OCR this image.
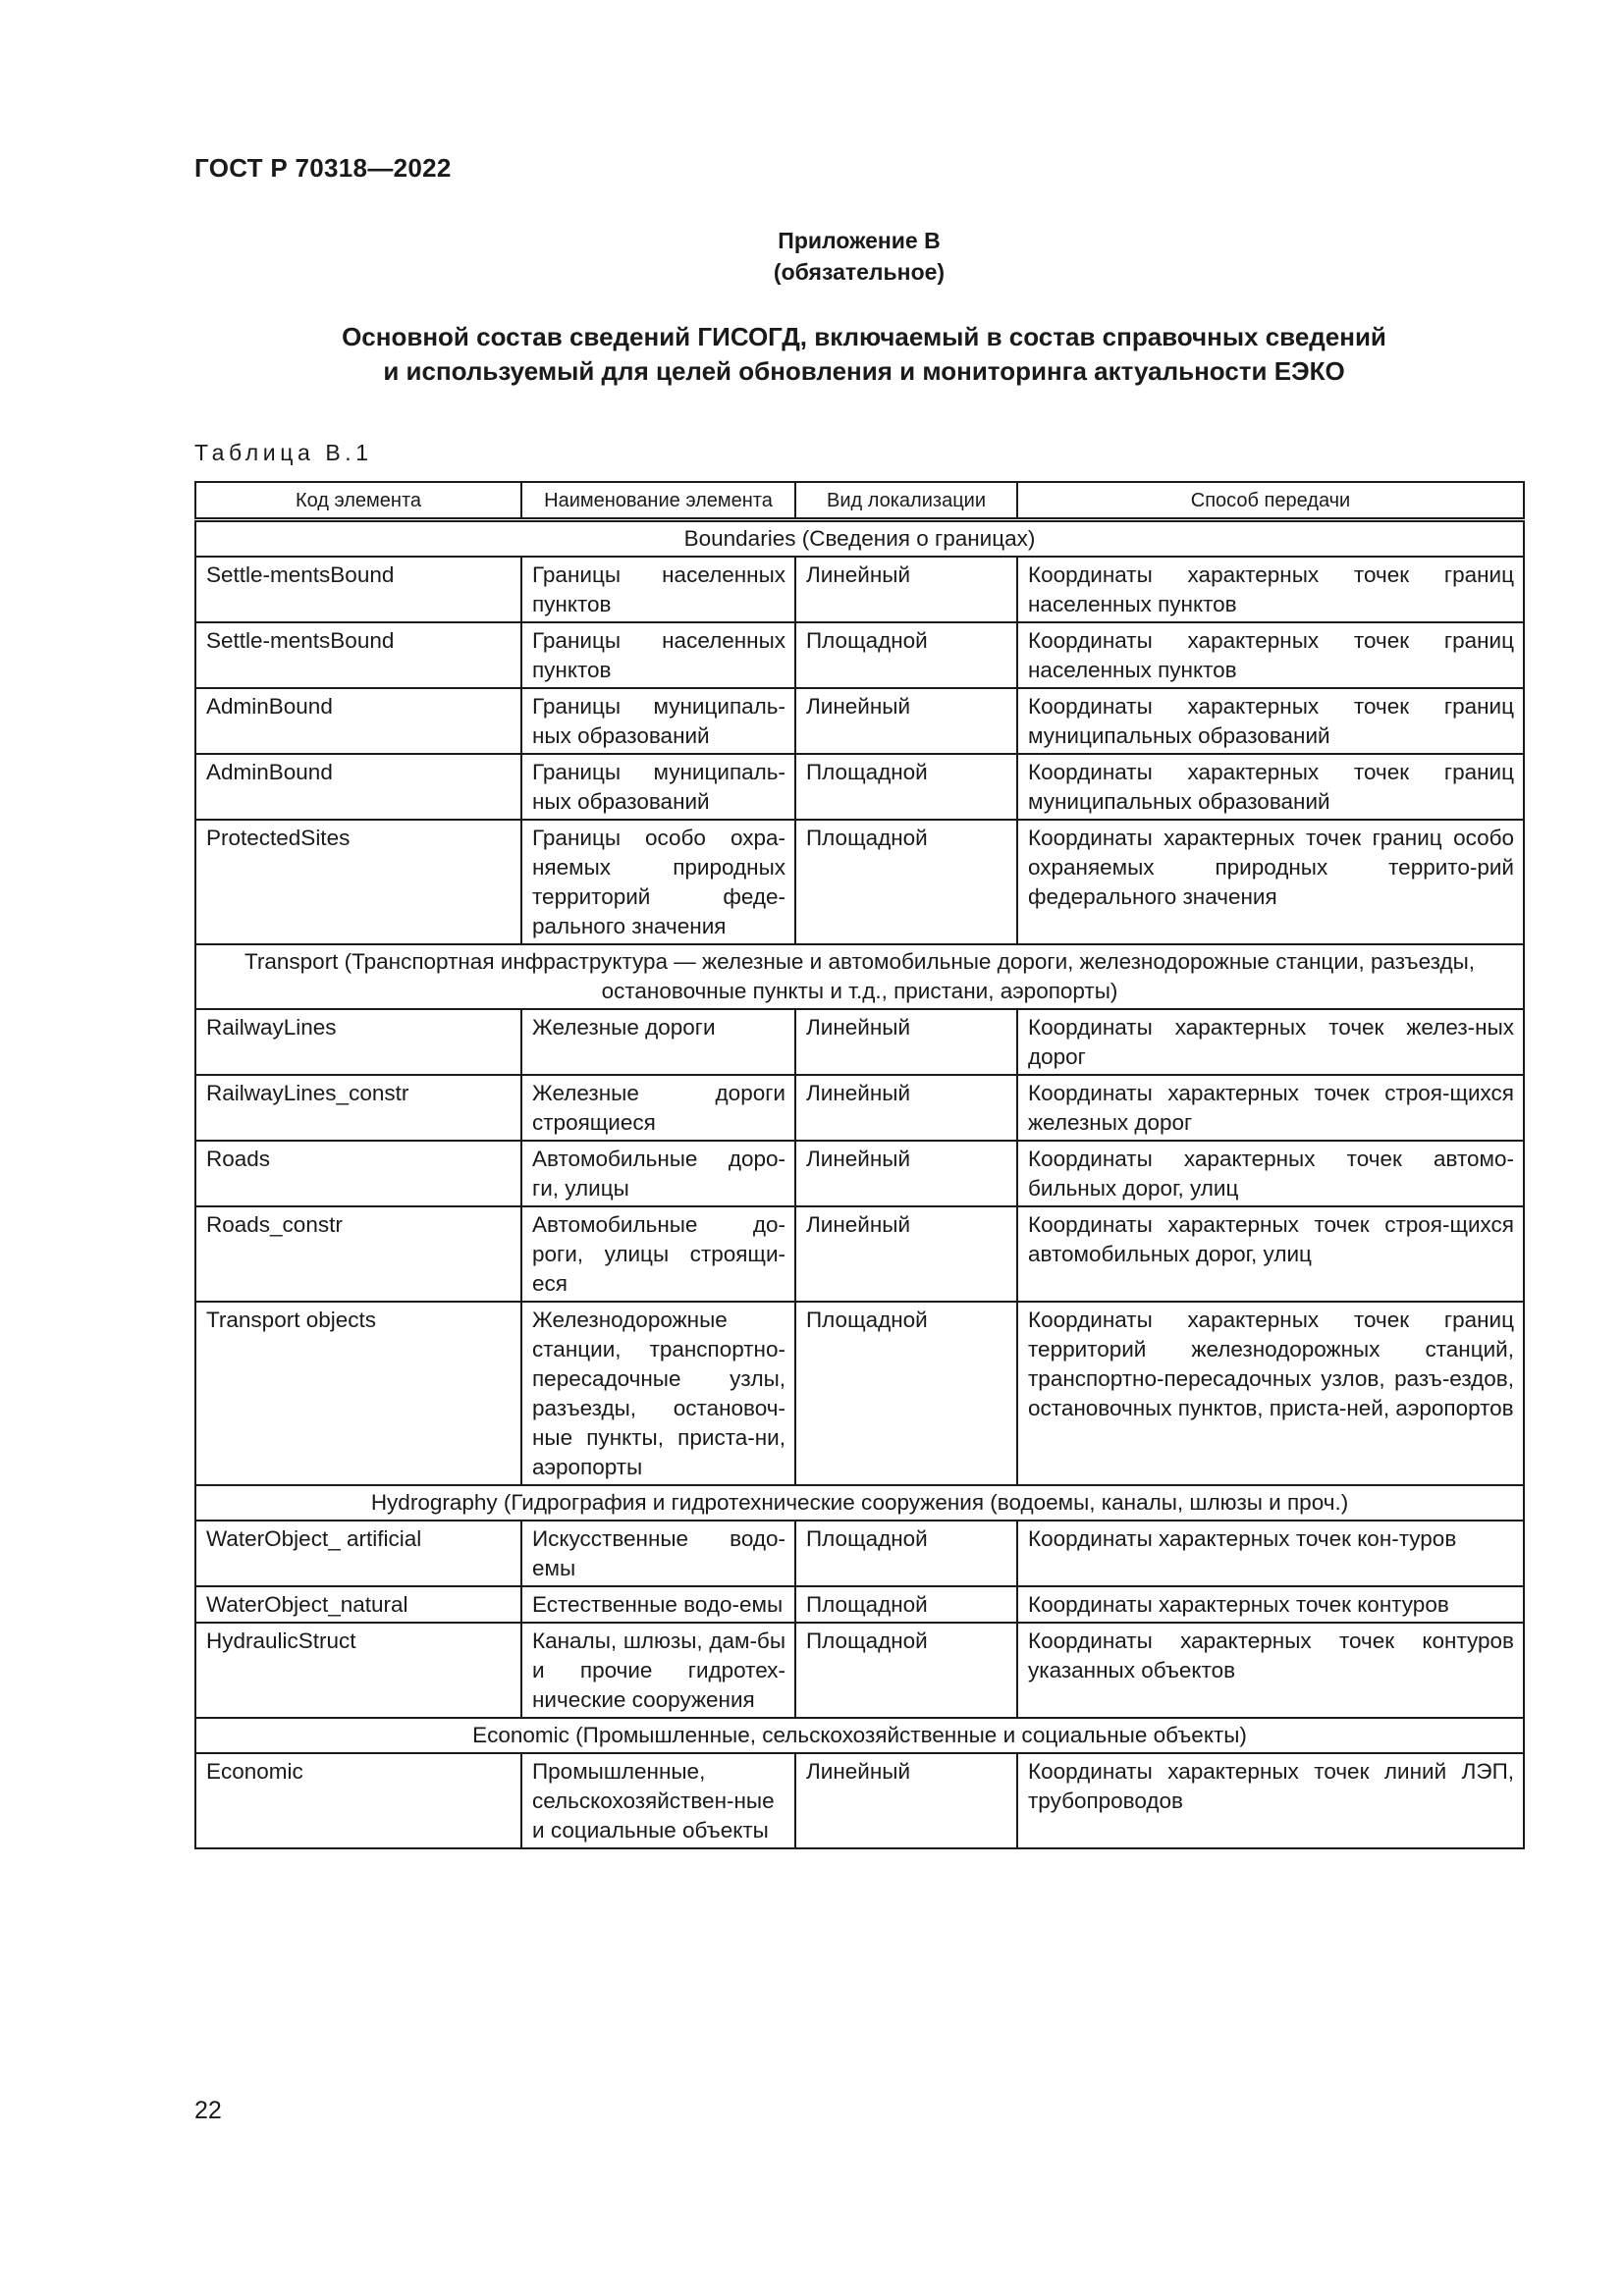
ГОСТ Р 70318—2022
Приложение В
(обязательное)
Основной состав сведений ГИСОГД, включаемый в состав справочных сведений
и используемый для целей обновления и мониторинга актуальности ЕЭКО
Таблица В.1
Код элемента	Наименование элемента	Вид локализации	Способ передачи
Boundaries (Сведения о границах)			
Settle-mentsBound	Границы населенных пунктов	Линейный	Координаты характерных точек границ населенных пунктов
Settle-mentsBound	Границы населенных пунктов	Площадной	Координаты характерных точек границ населенных пунктов
AdminBound	Границы муниципаль-ных образований	Линейный	Координаты характерных точек границ муниципальных образований
AdminBound	Границы муниципаль-ных образований	Площадной	Координаты характерных точек границ муниципальных образований
ProtectedSites	Границы особо охра-няемых природных территорий феде-рального значения	Площадной	Координаты характерных точек границ особо охраняемых природных террито-рий федерального значения
Transport (Транспортная инфраструктура — железные и автомобильные дороги, железнодорожные станции, разъезды, остановочные пункты и т.д., пристани, аэропорты)			
RailwayLines	Железные дороги	Линейный	Координаты характерных точек желез-ных дорог
RailwayLines_constr	Железные дороги строящиеся	Линейный	Координаты характерных точек строя-щихся железных дорог
Roads	Автомобильные доро-ги, улицы	Линейный	Координаты характерных точек автомо-бильных дорог, улиц
Roads_constr	Автомобильные до-роги, улицы строящи-еся	Линейный	Координаты характерных точек строя-щихся автомобильных дорог, улиц
Transport objects	Железнодорожные станции, транспортно-пересадочные узлы, разъезды, остановоч-ные пункты, приста-ни, аэропорты	Площадной	Координаты характерных точек границ территорий железнодорожных станций, транспортно-пересадочных узлов, разъ-ездов, остановочных пунктов, приста-ней, аэропортов
Hydrography (Гидрография и гидротехнические сооружения (водоемы, каналы, шлюзы и проч.)			
WaterObject_ artificial	Искусственные водо-емы	Площадной	Координаты характерных точек кон-туров
WaterObject_natural	Естественные водо-емы	Площадной	Координаты характерных точек контуров
HydraulicStruct	Каналы, шлюзы, дам-бы и прочие гидротех-нические сооружения	Площадной	Координаты характерных точек контуров указанных объектов
Economic (Промышленные, сельскохозяйственные и социальные объекты)			
Economic	Промышленные, сельскохозяйствен-ные и социальные объекты	Линейный	Координаты характерных точек линий ЛЭП, трубопроводов
22
